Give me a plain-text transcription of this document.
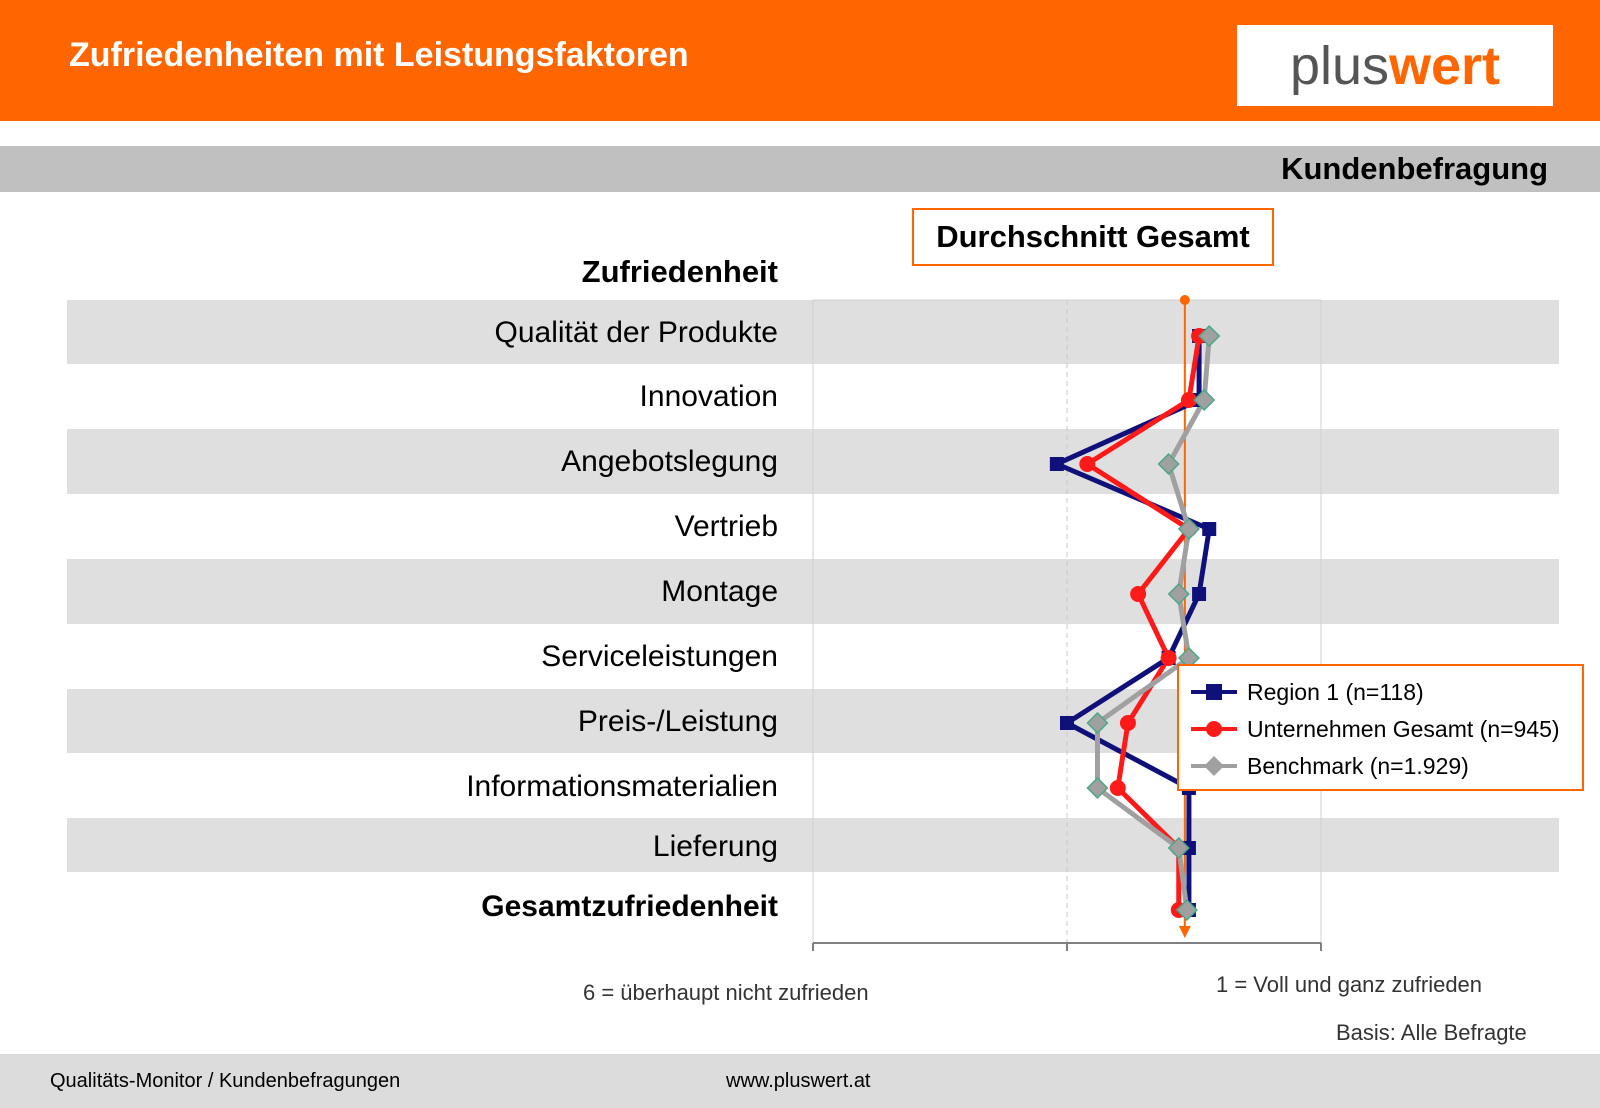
Zufriedenheiten mit Leistungsfaktoren	pluswert
Kundenbefragung
Durchschnitt Gesamt
Zufriedenheit
Qualität der Produkte
Innovation
Angebotslegung
Vertrieb
Montage
Serviceleistungen
Preis-/Leistung
Informationsmaterialien
Lieferung
Gesamtzufriedenheit
Region 1 (n=118)
Unternehmen Gesamt (n=945)
Benchmark (n=1.929)
6 = überhaupt nicht zufrieden	1 = Voll und ganz zufrieden
Basis: Alle Befragte
Qualitäts-Monitor / Kundenbefragungen	www.pluswert.at
